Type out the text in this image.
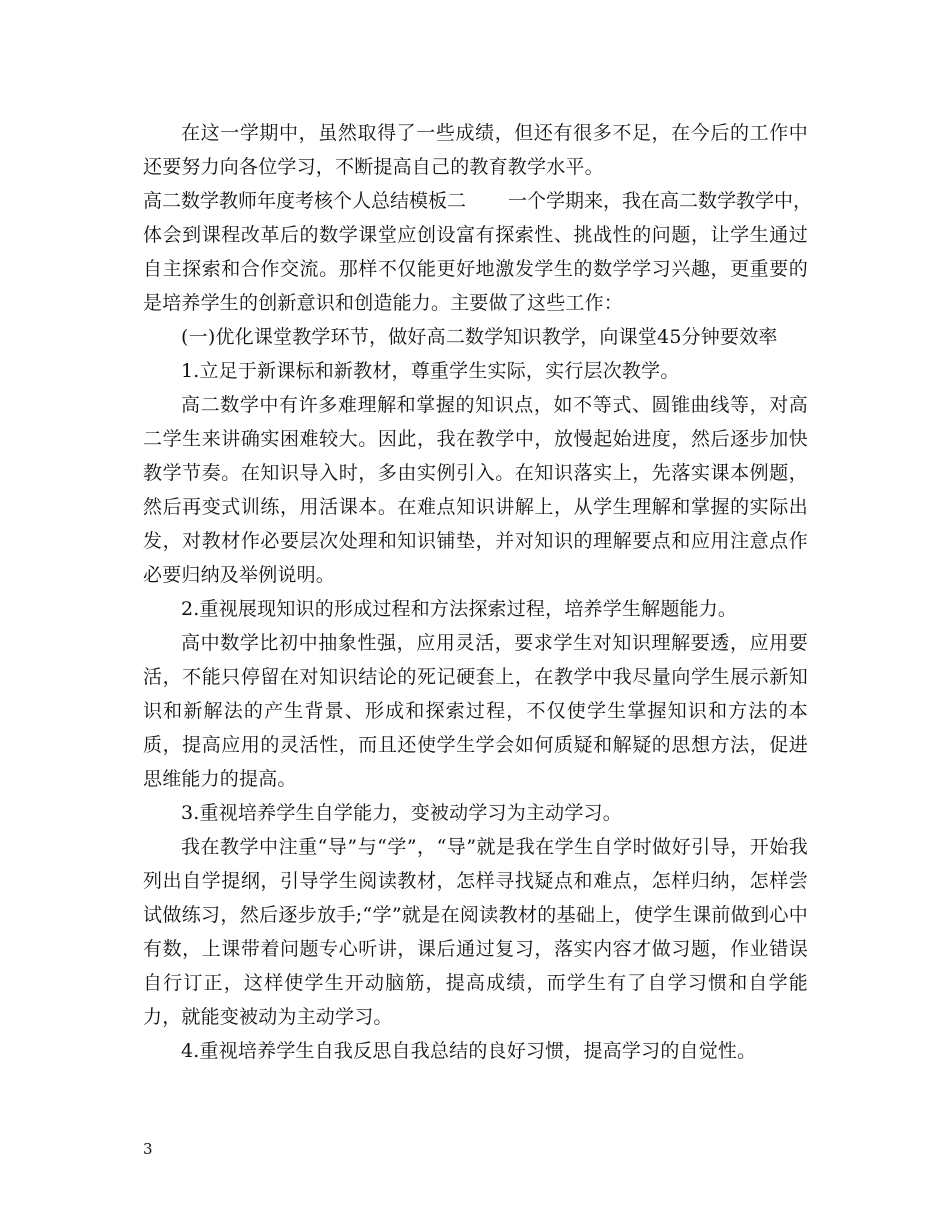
在这一学期中，虽然取得了一些成绩，但还有很多不足，在今后的工作中还要努力向各位学习，不断提高自己的教育教学水平。

高二数学教师年度考核个人总结模板二 一个学期来，我在高二数学教学中，

体会到课程改革后的数学课堂应创设富有探索性、挑战性的问题，让学生通过自主探索和合作交流。那样不仅能更好地激发学生的数学学习兴趣，更重要的是培养学生的创新意识和创造能力。主要做了这些工作：

(一)优化课堂教学环节，做好高二数学知识教学，向课堂45分钟要效率

1.立足于新课标和新教材，尊重学生实际，实行层次教学。

高二数学中有许多难理解和掌握的知识点，如不等式、圆锥曲线等，对高二学生来讲确实困难较大。因此，我在教学中，放慢起始进度，然后逐步加快教学节奏。在知识导入时，多由实例引入。在知识落实上，先落实课本例题，然后再变式训练，用活课本。在难点知识讲解上，从学生理解和掌握的实际出发，对教材作必要层次处理和知识铺垫，并对知识的理解要点和应用注意点作必要归纳及举例说明。

2.重视展现知识的形成过程和方法探索过程，培养学生解题能力。

高中数学比初中抽象性强，应用灵活，要求学生对知识理解要透，应用要活，不能只停留在对知识结论的死记硬套上，在教学中我尽量向学生展示新知识和新解法的产生背景、形成和探索过程，不仅使学生掌握知识和方法的本质，提高应用的灵活性，而且还使学生学会如何质疑和解疑的思想方法，促进思维能力的提高。

3.重视培养学生自学能力，变被动学习为主动学习。

我在教学中注重“导”与“学”，“导”就是我在学生自学时做好引导，开始我列出自学提纲，引导学生阅读教材，怎样寻找疑点和难点，怎样归纳，怎样尝试做练习，然后逐步放手;“学”就是在阅读教材的基础上，使学生课前做到心中有数，上课带着问题专心听讲，课后通过复习，落实内容才做习题，作业错误自行订正，这样使学生开动脑筋，提高成绩，而学生有了自学习惯和自学能力，就能变被动为主动学习。

4.重视培养学生自我反思自我总结的良好习惯，提高学习的自觉性。

3
